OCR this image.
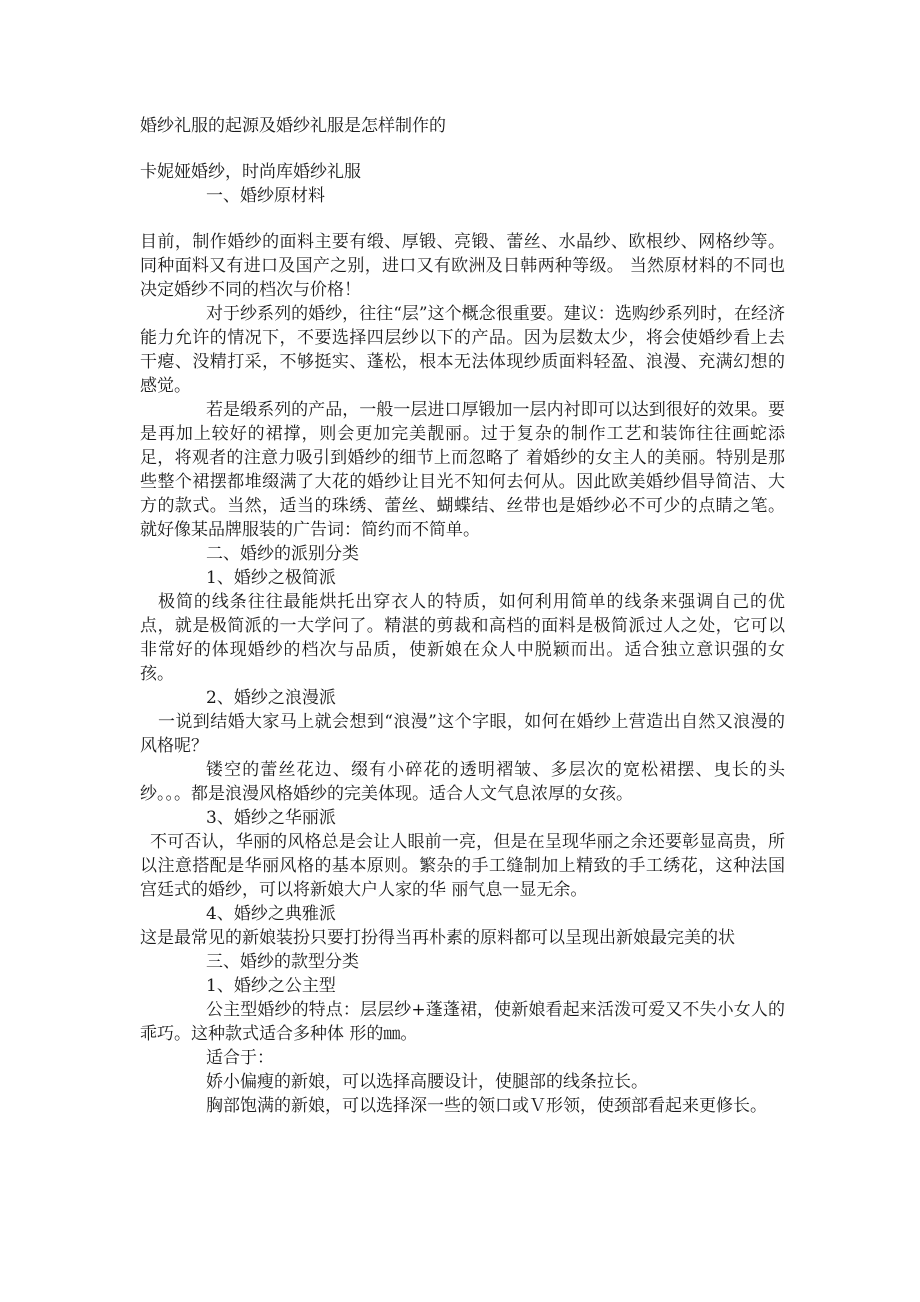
婚纱礼服的起源及婚纱礼服是怎样制作的

卡妮娅婚纱，时尚库婚纱礼服

一、婚纱原材料

目前，制作婚纱的面料主要有缎、厚锻、亮锻、蕾丝、水晶纱、欧根纱、网格纱等。同种面料又有进口及国产之别，进口又有欧洲及日韩两种等级。 当然原材料的不同也决定婚纱不同的档次与价格！

对于纱系列的婚纱，往往“层”这个概念很重要。建议：选购纱系列时，在经济能力允许的情况下，不要选择四层纱以下的产品。因为层数太少，将会使婚纱看上去干瘪、没精打采，不够挺实、蓬松，根本无法体现纱质面料轻盈、浪漫、充满幻想的感觉。

若是缎系列的产品，一般一层进口厚锻加一层内衬即可以达到很好的效果。要是再加上较好的裙撑，则会更加完美靓丽。过于复杂的制作工艺和装饰往往画蛇添足，将观者的注意力吸引到婚纱的细节上而忽略了 着婚纱的女主人的美丽。特别是那些整个裙摆都堆缀满了大花的婚纱让目光不知何去何从。因此欧美婚纱倡导简洁、大方的款式。当然，适当的珠绣、蕾丝、蝴蝶结、丝带也是婚纱必不可少的点睛之笔。就好像某品牌服装的广告词：简约而不简单。

二、婚纱的派别分类

1、婚纱之极简派

极简的线条往往最能烘托出穿衣人的特质，如何利用简单的线条来强调自己的优点，就是极简派的一大学问了。精湛的剪裁和高档的面料是极简派过人之处，它可以非常好的体现婚纱的档次与品质，使新娘在众人中脱颖而出。适合独立意识强的女孩。

2、婚纱之浪漫派

一说到结婚大家马上就会想到“浪漫”这个字眼，如何在婚纱上营造出自然又浪漫的风格呢？

镂空的蕾丝花边、缀有小碎花的透明褶皱、多层次的宽松裙摆、曳长的头纱。。。都是浪漫风格婚纱的完美体现。适合人文气息浓厚的女孩。

3、婚纱之华丽派

不可否认，华丽的风格总是会让人眼前一亮，但是在呈现华丽之余还要彰显高贵，所以注意搭配是华丽风格的基本原则。繁杂的手工缝制加上精致的手工绣花，这种法国宫廷式的婚纱，可以将新娘大户人家的华 丽气息一显无余。

4、婚纱之典雅派

这是最常见的新娘装扮只要打扮得当再朴素的原料都可以呈现出新娘最完美的状

三、婚纱的款型分类

1、婚纱之公主型

公主型婚纱的特点：层层纱+蓬蓬裙，使新娘看起来活泼可爱又不失小女人的乖巧。这种款式适合多种体 形的㎜。

适合于：

娇小偏瘦的新娘，可以选择高腰设计，使腿部的线条拉长。

胸部饱满的新娘，可以选择深一些的领口或Ｖ形领，使颈部看起来更修长。
